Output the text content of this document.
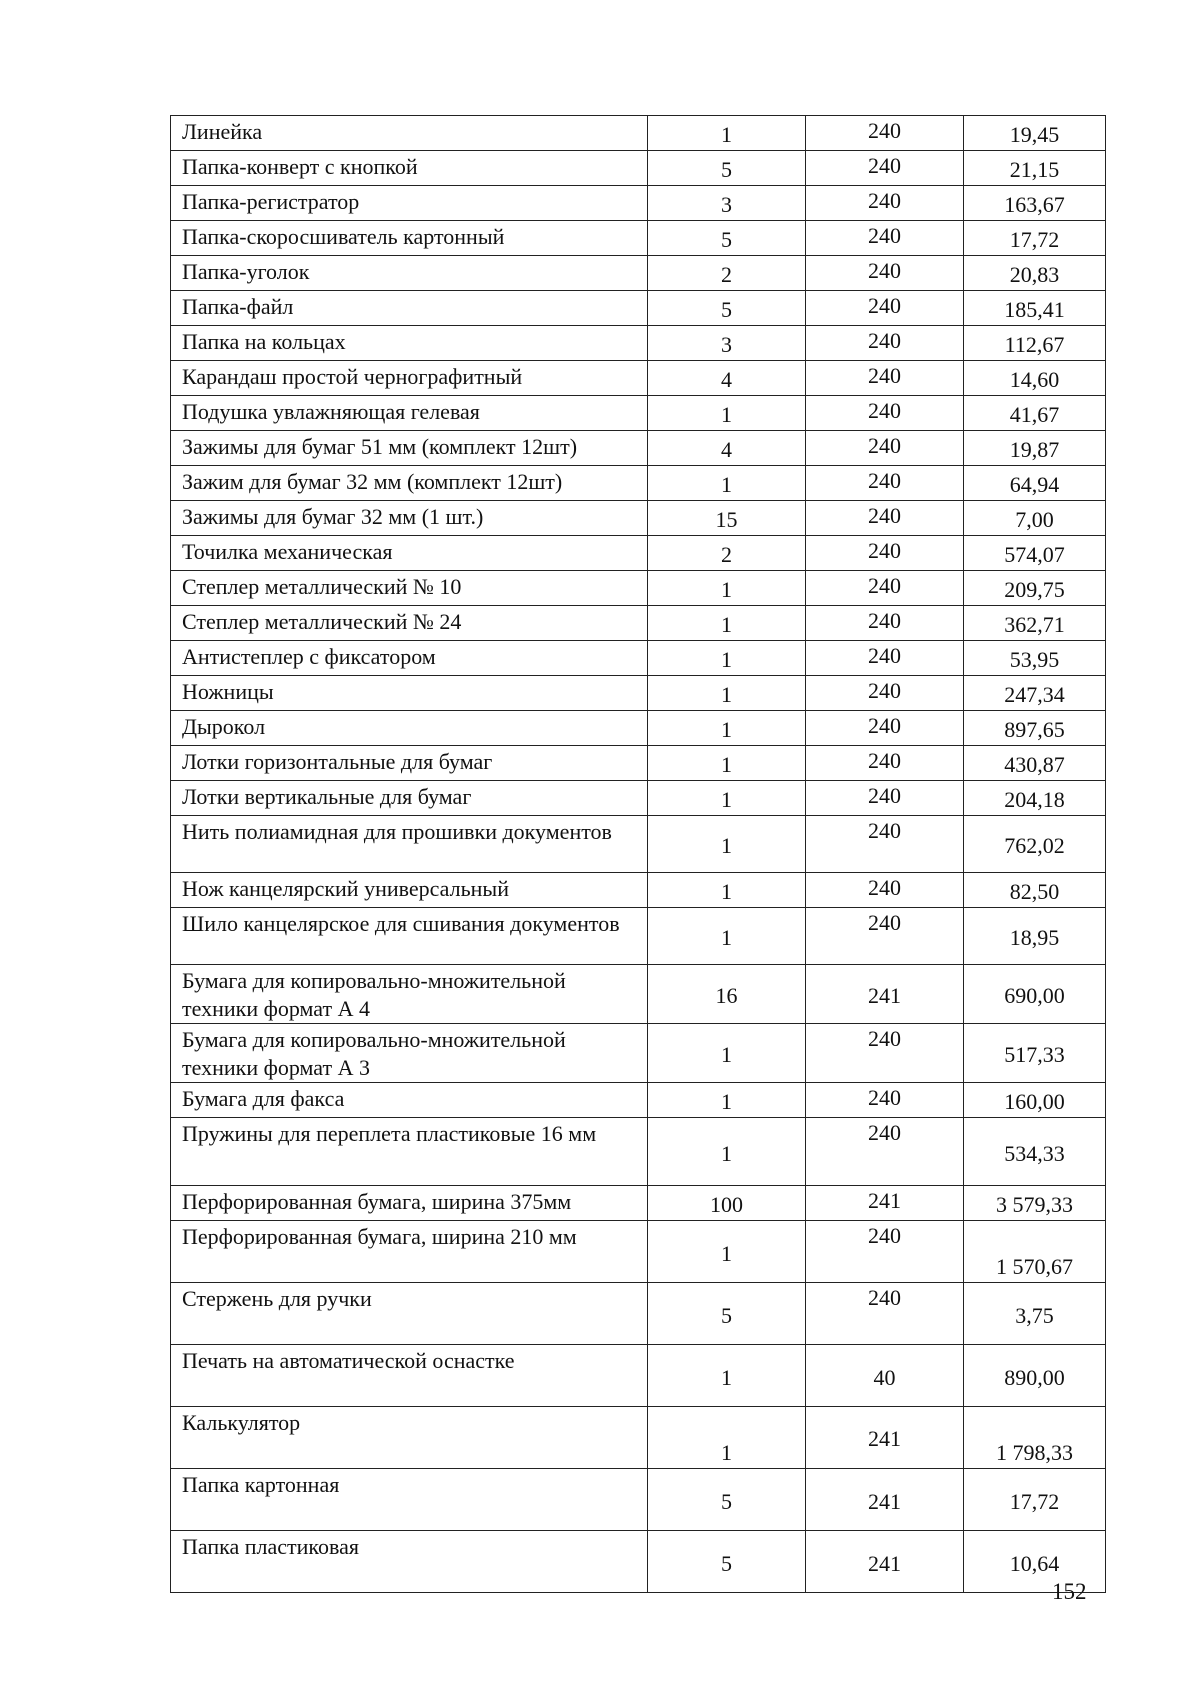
Линейка	1	240	19,45
Папка-конверт с кнопкой	5	240	21,15
Папка-регистратор	3	240	163,67
Папка-скоросшиватель картонный	5	240	17,72
Папка-уголок	2	240	20,83
Папка-файл	5	240	185,41
Папка на кольцах	3	240	112,67
Карандаш простой чернографитный	4	240	14,60
Подушка увлажняющая гелевая	1	240	41,67
Зажимы для бумаг 51 мм (комплект 12шт)	4	240	19,87
Зажим для бумаг 32 мм (комплект 12шт)	1	240	64,94
Зажимы для бумаг 32 мм (1 шт.)	15	240	7,00
Точилка механическая	2	240	574,07
Степлер металлический № 10	1	240	209,75
Степлер металлический № 24	1	240	362,71
Антистеплер с фиксатором	1	240	53,95
Ножницы	1	240	247,34
Дырокол	1	240	897,65
Лотки горизонтальные для бумаг	1	240	430,87
Лотки вертикальные для бумаг	1	240	204,18
Нить полиамидная для прошивки документов	1	240	762,02
Нож канцелярский универсальный	1	240	82,50
Шило канцелярское для сшивания документов	1	240	18,95
Бумага для копировально-множительной техники формат А 4	16	241	690,00
Бумага для копировально-множительной техники формат А 3	1	240	517,33
Бумага для факса	1	240	160,00
Пружины для переплета пластиковые 16 мм	1	240	534,33
Перфорированная бумага, ширина 375мм	100	241	3 579,33
Перфорированная бумага, ширина 210 мм	1	240	1 570,67
Стержень для ручки	5	240	3,75
Печать на автоматической оснастке	1	40	890,00
Калькулятор	1	241	1 798,33
Папка картонная	5	241	17,72
Папка пластиковая	5	241	10,64
152
